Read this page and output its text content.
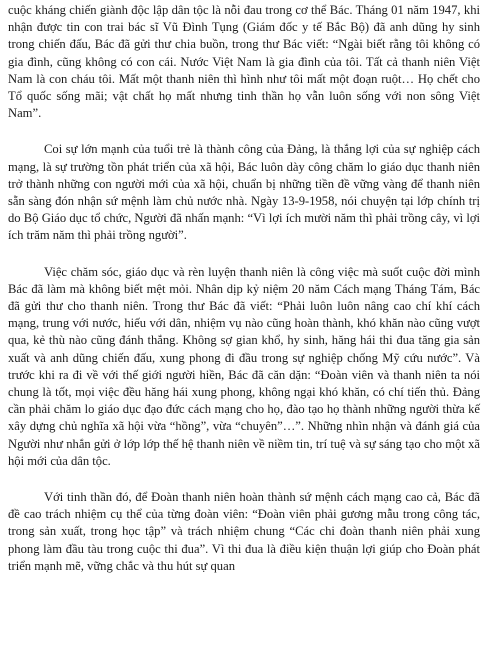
cuộc kháng chiến giành độc lập dân tộc là nỗi đau trong cơ thể Bác. Tháng 01 năm 1947, khi nhận được tin con trai bác sĩ Vũ Đình Tụng (Giám đốc y tế Bắc Bộ) đã anh dũng hy sinh trong chiến đấu, Bác đã gửi thư chia buồn, trong thư Bác viết: “Ngài biết rằng tôi không có gia đình, cũng không có con cái. Nước Việt Nam là gia đình của tôi. Tất cả thanh niên Việt Nam là con cháu tôi. Mất một thanh niên thì hình như tôi mất một đoạn ruột… Họ chết cho Tổ quốc sống mãi; vật chất họ mất nhưng tinh thần họ vẫn luôn sống với non sông Việt Nam”.

Coi sự lớn mạnh của tuổi trẻ là thành công của Đảng, là thắng lợi của sự nghiệp cách mạng, là sự trường tồn phát triển của xã hội, Bác luôn dày công chăm lo giáo dục thanh niên trở thành những con người mới của xã hội, chuẩn bị những tiền đề vững vàng để thanh niên sẵn sàng đón nhận sứ mệnh làm chủ nước nhà. Ngày 13-9-1958, nói chuyện tại lớp chính trị do Bộ Giáo dục tổ chức, Người đã nhấn mạnh: “Vì lợi ích mười năm thì phải trồng cây, vì lợi ích trăm năm thì phải trồng người”.

Việc chăm sóc, giáo dục và rèn luyện thanh niên là công việc mà suốt cuộc đời mình Bác đã làm mà không biết mệt mỏi. Nhân dịp kỷ niệm 20 năm Cách mạng Tháng Tám, Bác đã gửi thư cho thanh niên. Trong thư Bác đã viết: “Phải luôn luôn nâng cao chí khí cách mạng, trung với nước, hiếu với dân, nhiệm vụ nào cũng hoàn thành, khó khăn nào cũng vượt qua, kẻ thù nào cũng đánh thắng. Không sợ gian khổ, hy sinh, hăng hái thi đua tăng gia sản xuất và anh dũng chiến đấu, xung phong đi đầu trong sự nghiệp chống Mỹ cứu nước”. Và trước khi ra đi về với thế giới người hiền, Bác đã căn dặn: “Đoàn viên và thanh niên ta nói chung là tốt, mọi việc đều hăng hái xung phong, không ngại khó khăn, có chí tiến thủ. Đảng cần phải chăm lo giáo dục đạo đức cách mạng cho họ, đào tạo họ thành những người thừa kế xây dựng chủ nghĩa xã hội vừa “hồng”, vừa “chuyên”…”. Những nhìn nhận và đánh giá của Người như nhắn gửi ở lớp lớp thế hệ thanh niên về niềm tin, trí tuệ và sự sáng tạo cho một xã hội mới của dân tộc.

Với tinh thần đó, để Đoàn thanh niên hoàn thành sứ mệnh cách mạng cao cả, Bác đã đề cao trách nhiệm cụ thể của từng đoàn viên: “Đoàn viên phải gương mẫu trong công tác, trong sản xuất, trong học tập” và trách nhiệm chung “Các chi đoàn thanh niên phải xung phong làm đầu tàu trong cuộc thi đua”. Vì thi đua là điều kiện thuận lợi giúp cho Đoàn phát triển mạnh mẽ, vững chắc và thu hút sự quan
